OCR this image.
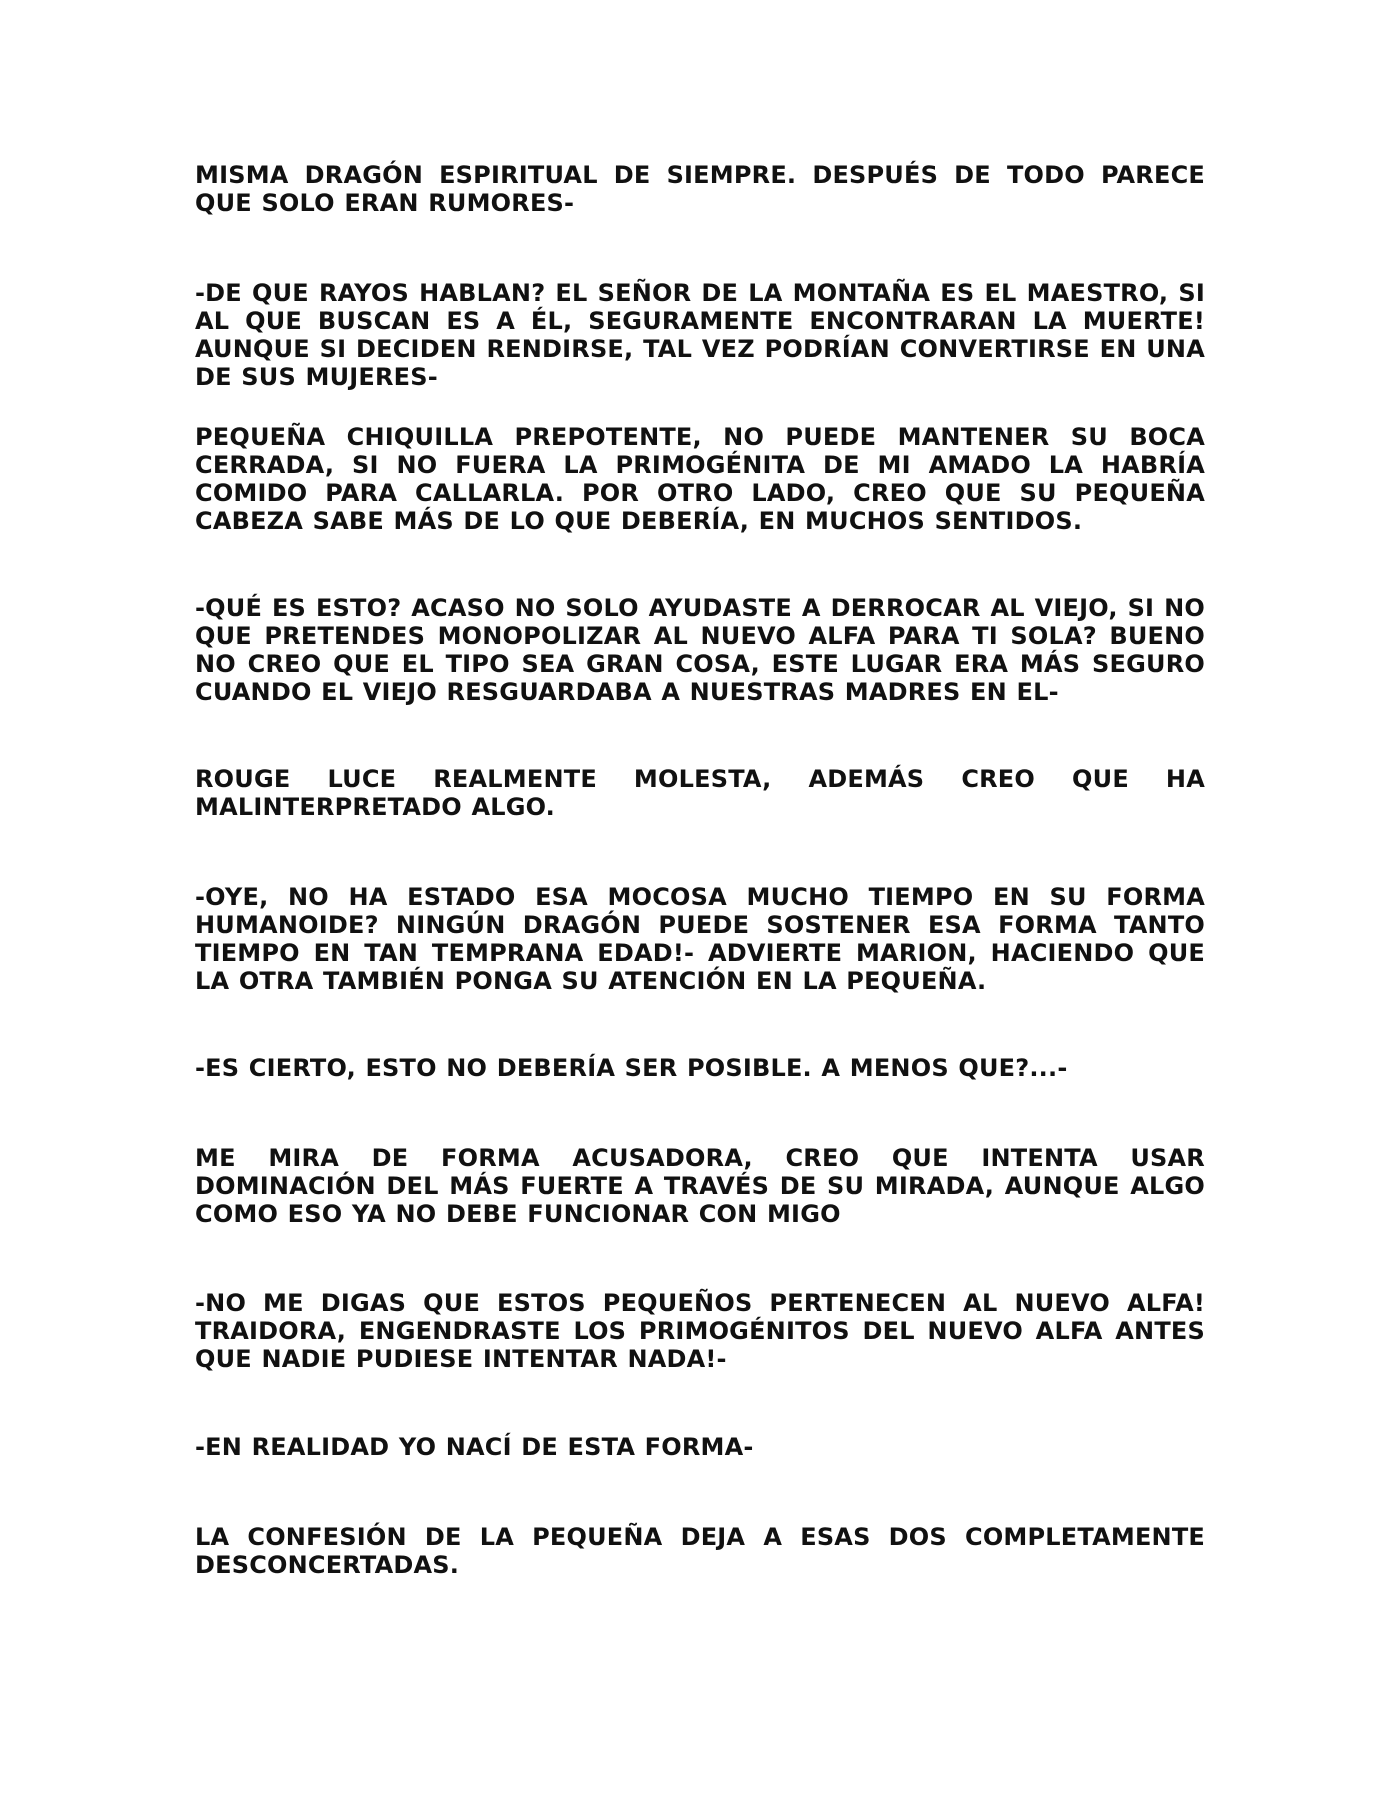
MISMA DRAGÓN ESPIRITUAL DE SIEMPRE. DESPUÉS DE TODO PARECE QUE SOLO ERAN RUMORES-

-DE QUE RAYOS HABLAN? EL SEÑOR DE LA MONTAÑA ES EL MAESTRO, SI AL QUE BUSCAN ES A ÉL, SEGURAMENTE ENCONTRARAN LA MUERTE! AUNQUE SI DECIDEN RENDIRSE, TAL VEZ PODRÍAN CONVERTIRSE EN UNA DE SUS MUJERES-

PEQUEÑA CHIQUILLA PREPOTENTE, NO PUEDE MANTENER SU BOCA CERRADA, SI NO FUERA LA PRIMOGÉNITA DE MI AMADO LA HABRÍA COMIDO PARA CALLARLA. POR OTRO LADO, CREO QUE SU PEQUEÑA CABEZA SABE MÁS DE LO QUE DEBERÍA, EN MUCHOS SENTIDOS.

-QUÉ ES ESTO? ACASO NO SOLO AYUDASTE A DERROCAR AL VIEJO, SI NO QUE PRETENDES MONOPOLIZAR AL NUEVO ALFA PARA TI SOLA? BUENO NO CREO QUE EL TIPO SEA GRAN COSA, ESTE LUGAR ERA MÁS SEGURO CUANDO EL VIEJO RESGUARDABA A NUESTRAS MADRES EN EL-

ROUGE LUCE REALMENTE MOLESTA, ADEMÁS CREO QUE HA MALINTERPRETADO ALGO.

-OYE, NO HA ESTADO ESA MOCOSA MUCHO TIEMPO EN SU FORMA HUMANOIDE? NINGÚN DRAGÓN PUEDE SOSTENER ESA FORMA TANTO TIEMPO EN TAN TEMPRANA EDAD!- ADVIERTE MARION, HACIENDO QUE LA OTRA TAMBIÉN PONGA SU ATENCIÓN EN LA PEQUEÑA.

-ES CIERTO, ESTO NO DEBERÍA SER POSIBLE. A MENOS QUE?...-

ME MIRA DE FORMA ACUSADORA, CREO QUE INTENTA USAR DOMINACIÓN DEL MÁS FUERTE A TRAVÉS DE SU MIRADA, AUNQUE ALGO COMO ESO YA NO DEBE FUNCIONAR CON MIGO

-NO ME DIGAS QUE ESTOS PEQUEÑOS PERTENECEN AL NUEVO ALFA! TRAIDORA, ENGENDRASTE LOS PRIMOGÉNITOS DEL NUEVO ALFA ANTES QUE NADIE PUDIESE INTENTAR NADA!-

-EN REALIDAD YO NACÍ DE ESTA FORMA-

LA CONFESIÓN DE LA PEQUEÑA DEJA A ESAS DOS COMPLETAMENTE DESCONCERTADAS.
